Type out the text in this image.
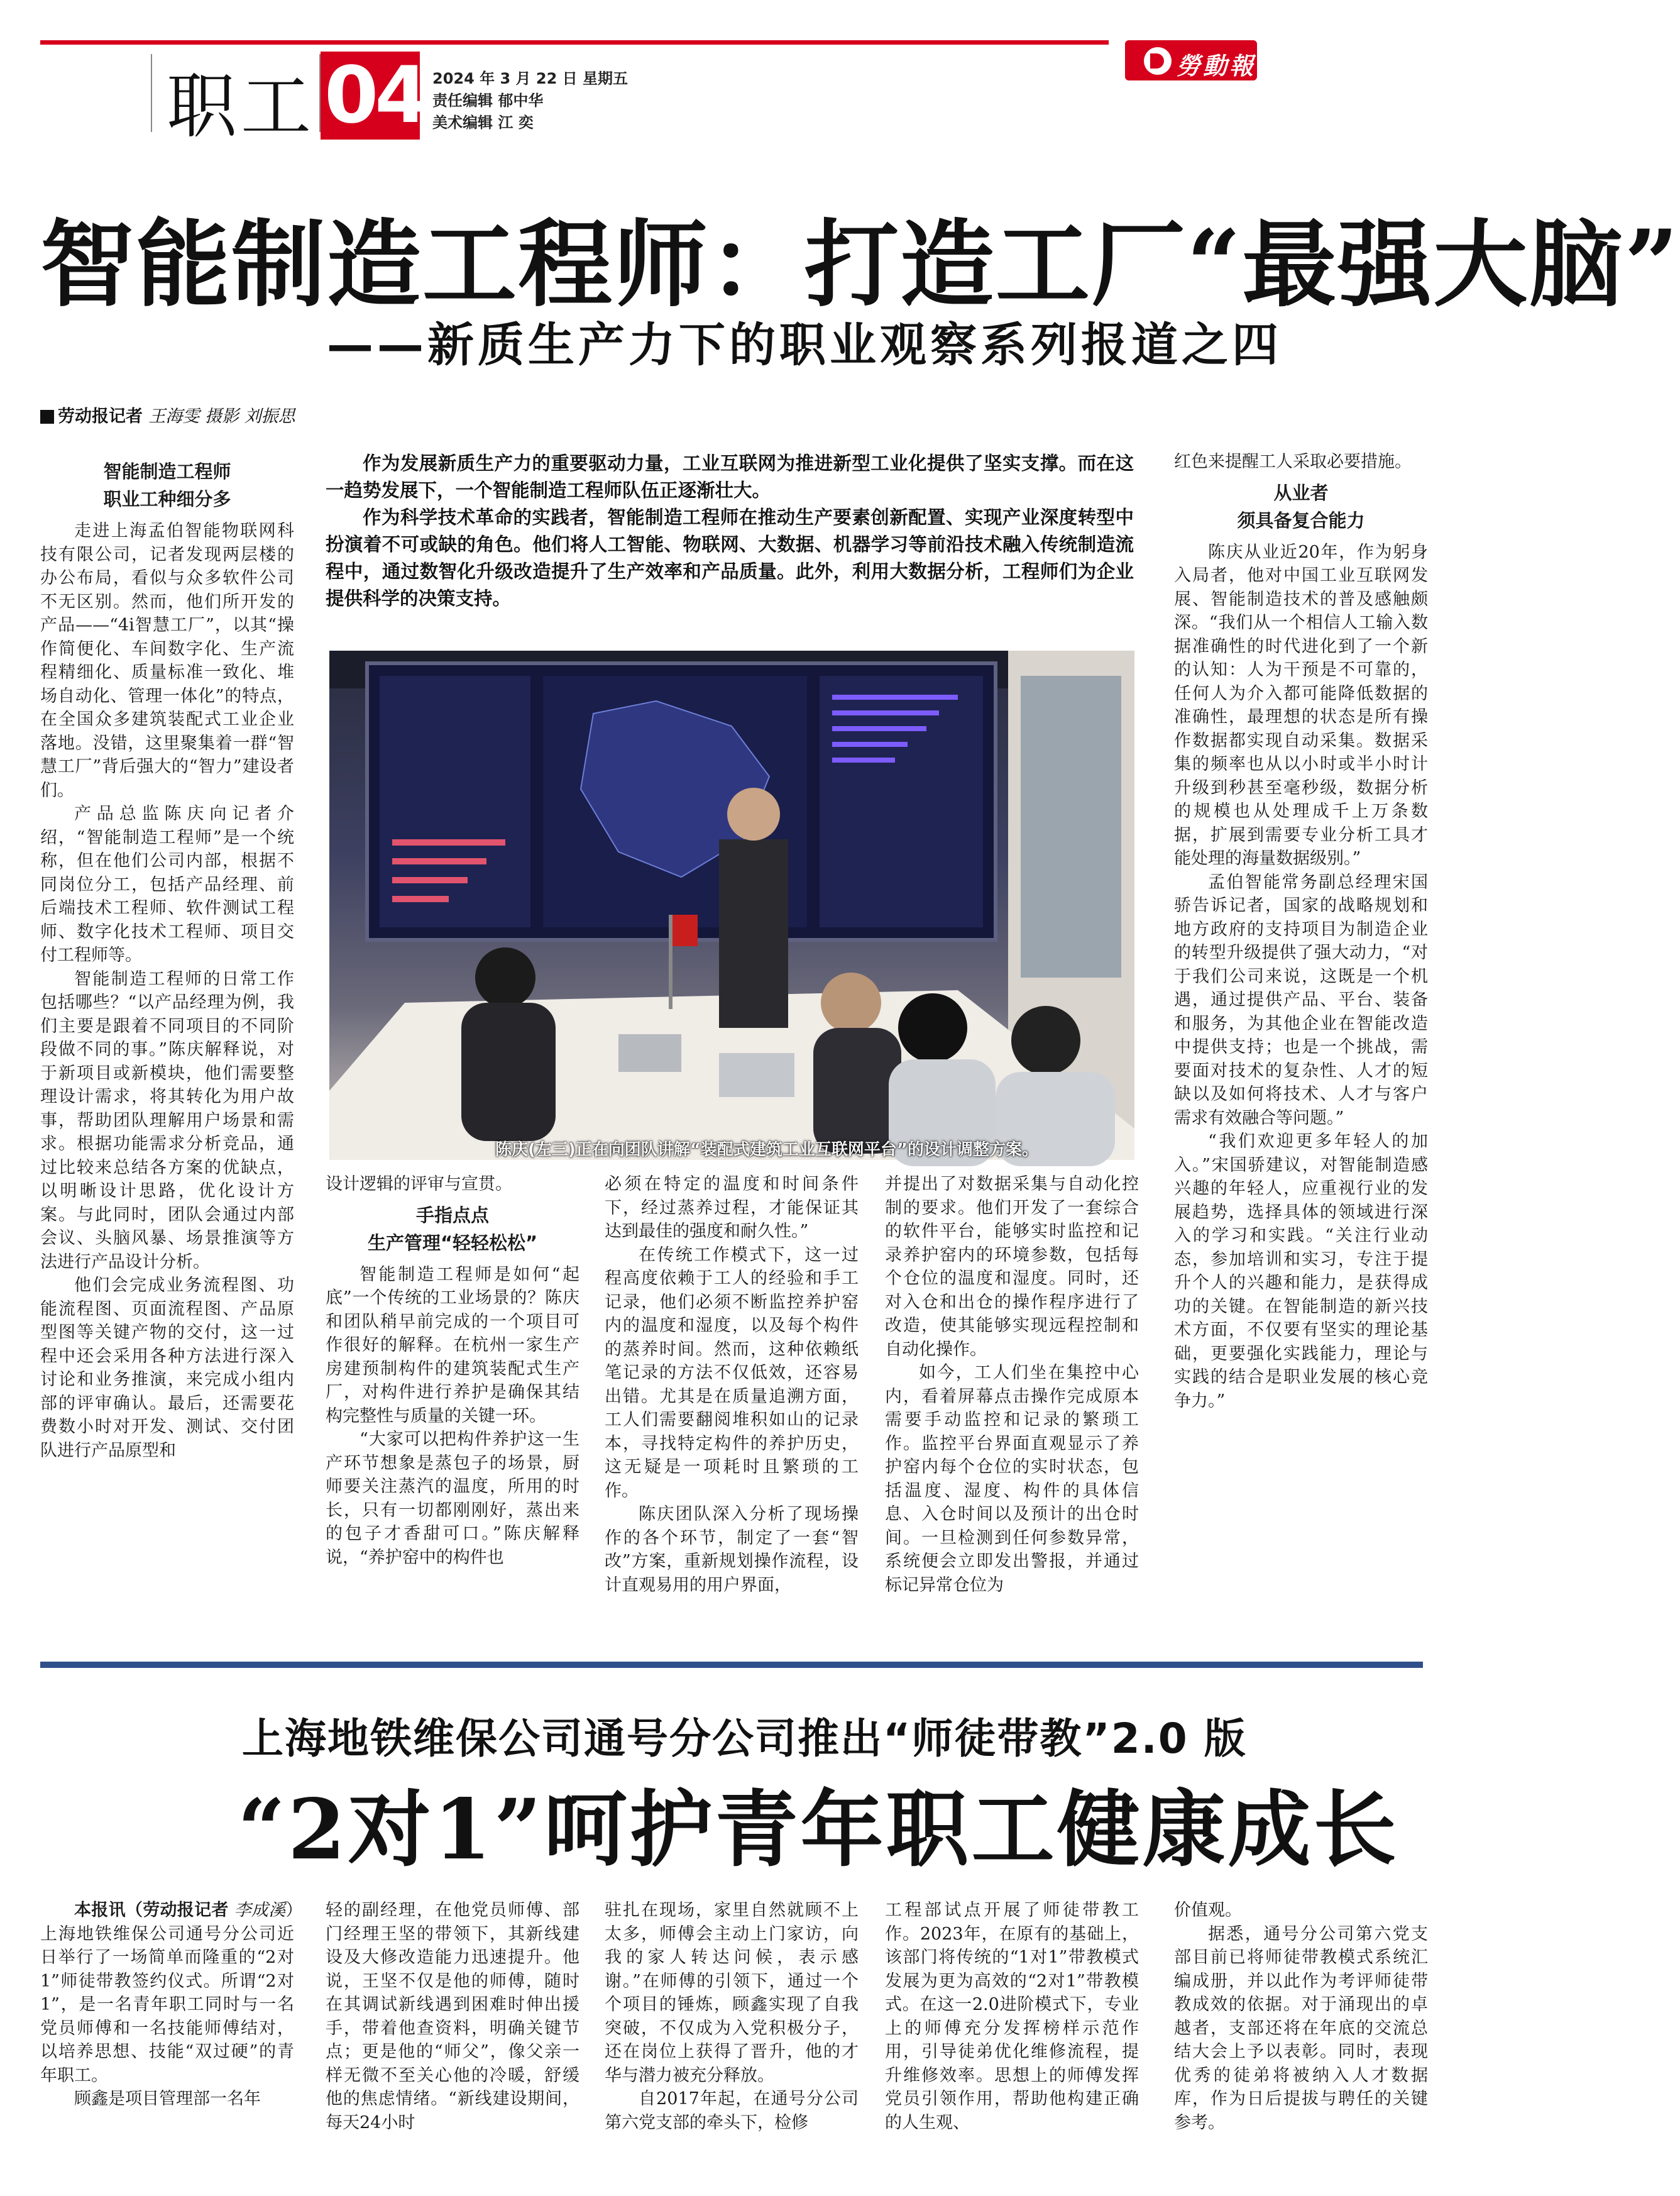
职工 04 2024 年 3 月 22 日 星期五
责任编辑 郁中华
美术编辑 江 奕
勞動報
智能制造工程师：打造工厂“最强大脑”
——新质生产力下的职业观察系列报道之四
劳动报记者 王海雯 摄影 刘振思

作为发展新质生产力的重要驱动力量，工业互联网为推进新型工业化提供了坚实支撑。而在这一趋势发展下，一个智能制造工程师队伍正逐渐壮大。

作为科学技术革命的实践者，智能制造工程师在推动生产要素创新配置、实现产业深度转型中扮演着不可或缺的角色。他们将人工智能、物联网、大数据、机器学习等前沿技术融入传统制造流程中，通过数智化升级改造提升了生产效率和产品质量。此外，利用大数据分析，工程师们为企业提供科学的决策支持。

陈庆(左三)正在向团队讲解“装配式建筑工业互联网平台”的设计调整方案。
智能制造工程师
职业工种细分多

走进上海孟伯智能物联网科技有限公司，记者发现两层楼的办公布局，看似与众多软件公司不无区别。然而，他们所开发的产品——“4i智慧工厂”，以其“操作简便化、车间数字化、生产流程精细化、质量标准一致化、堆场自动化、管理一体化”的特点，在全国众多建筑装配式工业企业落地。没错，这里聚集着一群“智慧工厂”背后强大的“智力”建设者们。

产品总监陈庆向记者介绍，“智能制造工程师”是一个统称，但在他们公司内部，根据不同岗位分工，包括产品经理、前后端技术工程师、软件测试工程师、数字化技术工程师、项目交付工程师等。

智能制造工程师的日常工作包括哪些？“以产品经理为例，我们主要是跟着不同项目的不同阶段做不同的事。”陈庆解释说，对于新项目或新模块，他们需要整理设计需求，将其转化为用户故事，帮助团队理解用户场景和需求。根据功能需求分析竞品，通过比较来总结各方案的优缺点，以明晰设计思路，优化设计方案。与此同时，团队会通过内部会议、头脑风暴、场景推演等方法进行产品设计分析。

他们会完成业务流程图、功能流程图、页面流程图、产品原型图等关键产物的交付，这一过程中还会采用各种方法进行深入讨论和业务推演，来完成小组内部的评审确认。最后，还需要花费数小时对开发、测试、交付团队进行产品原型和

设计逻辑的评审与宣贯。

手指点点
生产管理“轻轻松松”

智能制造工程师是如何“起底”一个传统的工业场景的？陈庆和团队稍早前完成的一个项目可作很好的解释。在杭州一家生产房建预制构件的建筑装配式生产厂，对构件进行养护是确保其结构完整性与质量的关键一环。

“大家可以把构件养护这一生产环节想象是蒸包子的场景，厨师要关注蒸汽的温度，所用的时长，只有一切都刚刚好，蒸出来的包子才香甜可口。”陈庆解释说，“养护窑中的构件也

必须在特定的温度和时间条件下，经过蒸养过程，才能保证其达到最佳的强度和耐久性。”

在传统工作模式下，这一过程高度依赖于工人的经验和手工记录，他们必须不断监控养护窑内的温度和湿度，以及每个构件的蒸养时间。然而，这种依赖纸笔记录的方法不仅低效，还容易出错。尤其是在质量追溯方面，工人们需要翻阅堆积如山的记录本，寻找特定构件的养护历史，这无疑是一项耗时且繁琐的工作。

陈庆团队深入分析了现场操作的各个环节，制定了一套“智改”方案，重新规划操作流程，设计直观易用的用户界面，

并提出了对数据采集与自动化控制的要求。他们开发了一套综合的软件平台，能够实时监控和记录养护窑内的环境参数，包括每个仓位的温度和湿度。同时，还对入仓和出仓的操作程序进行了改造，使其能够实现远程控制和自动化操作。

如今，工人们坐在集控中心内，看着屏幕点击操作完成原本需要手动监控和记录的繁琐工作。监控平台界面直观显示了养护窑内每个仓位的实时状态，包括温度、湿度、构件的具体信息、入仓时间以及预计的出仓时间。一旦检测到任何参数异常，系统便会立即发出警报，并通过标记异常仓位为

红色来提醒工人采取必要措施。

从业者
须具备复合能力

陈庆从业近20年，作为躬身入局者，他对中国工业互联网发展、智能制造技术的普及感触颇深。“我们从一个相信人工输入数据准确性的时代进化到了一个新的认知：人为干预是不可靠的，任何人为介入都可能降低数据的准确性，最理想的状态是所有操作数据都实现自动采集。数据采集的频率也从以小时或半小时计升级到秒甚至毫秒级，数据分析的规模也从处理成千上万条数据，扩展到需要专业分析工具才能处理的海量数据级别。”

孟伯智能常务副总经理宋国骄告诉记者，国家的战略规划和地方政府的支持项目为制造企业的转型升级提供了强大动力，“对于我们公司来说，这既是一个机遇，通过提供产品、平台、装备和服务，为其他企业在智能改造中提供支持；也是一个挑战，需要面对技术的复杂性、人才的短缺以及如何将技术、人才与客户需求有效融合等问题。”

“我们欢迎更多年轻人的加入。”宋国骄建议，对智能制造感兴趣的年轻人，应重视行业的发展趋势，选择具体的领域进行深入的学习和实践。“关注行业动态，参加培训和实习，专注于提升个人的兴趣和能力，是获得成功的关键。在智能制造的新兴技术方面，不仅要有坚实的理论基础，更要强化实践能力，理论与实践的结合是职业发展的核心竞争力。”

上海地铁维保公司通号分公司推出“师徒带教”2.0 版
“2对1”呵护青年职工健康成长

本报讯（劳动报记者 李成溪）上海地铁维保公司通号分公司近日举行了一场简单而隆重的“2对1”师徒带教签约仪式。所谓“2对1”，是一名青年职工同时与一名党员师傅和一名技能师傅结对，以培养思想、技能“双过硬”的青年职工。

顾鑫是项目管理部一名年

轻的副经理，在他党员师傅、部门经理王坚的带领下，其新线建设及大修改造能力迅速提升。他说，王坚不仅是他的师傅，随时在其调试新线遇到困难时伸出援手，带着他查资料，明确关键节点；更是他的“师父”，像父亲一样无微不至关心他的冷暖，舒缓他的焦虑情绪。“新线建设期间，每天24小时

驻扎在现场，家里自然就顾不上太多，师傅会主动上门家访，向我的家人转达问候，表示感谢。”在师傅的引领下，通过一个个项目的锤炼，顾鑫实现了自我突破，不仅成为入党积极分子，还在岗位上获得了晋升，他的才华与潜力被充分释放。

自2017年起，在通号分公司第六党支部的牵头下，检修

工程部试点开展了师徒带教工作。2023年，在原有的基础上，该部门将传统的“1对1”带教模式发展为更为高效的“2对1”带教模式。在这一2.0进阶模式下，专业上的师傅充分发挥榜样示范作用，引导徒弟优化维修流程，提升维修效率。思想上的师傅发挥党员引领作用，帮助他构建正确的人生观、

价值观。

据悉，通号分公司第六党支部目前已将师徒带教模式系统汇编成册，并以此作为考评师徒带教成效的依据。对于涌现出的卓越者，支部还将在年底的交流总结大会上予以表彰。同时，表现优秀的徒弟将被纳入人才数据库，作为日后提拔与聘任的关键参考。
